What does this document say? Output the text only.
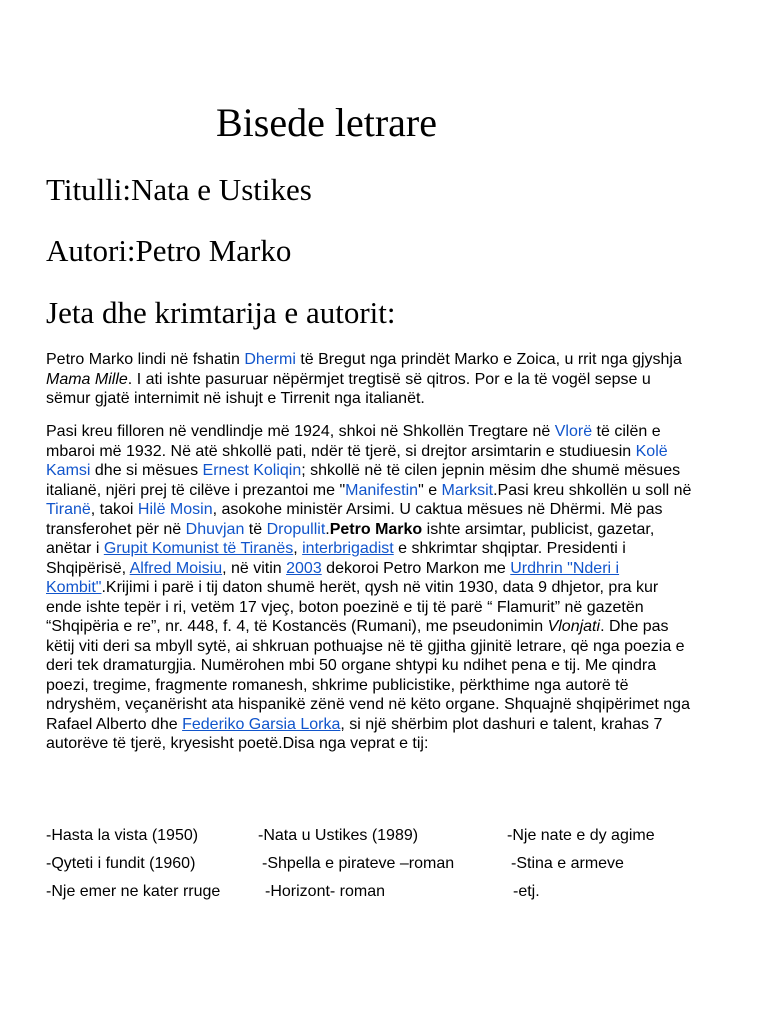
Bisede letrare
Titulli:Nata e Ustikes
Autori:Petro Marko
Jeta dhe krimtarija e autorit:

Petro Marko lindi në fshatin Dhermi të Bregut nga prindët Marko e Zoica, u rrit nga gjyshja Mama Mille. I ati ishte pasuruar nëpërmjet tregtisë së qitros. Por e la të vogël sepse u sëmur gjatë internimit në ishujt e Tirrenit nga italianët.

Pasi kreu filloren në vendlindje më 1924, shkoi në Shkollën Tregtare në Vlorë të cilën e mbaroi më 1932. Në atë shkollë pati, ndër të tjerë, si drejtor arsimtarin e studiuesin Kolë Kamsi dhe si mësues Ernest Koliqin; shkollë në të cilen jepnin mësim dhe shumë mësues italianë, njëri prej të cilëve i prezantoi me "Manifestin" e Marksit.Pasi kreu shkollën u soll në Tiranë, takoi Hilë Mosin, asokohe ministër Arsimi. U caktua mësues në Dhërmi. Më pas transferohet për në Dhuvjan të Dropullit.Petro Marko ishte arsimtar, publicist, gazetar, anëtar i Grupit Komunist të Tiranës, interbrigadist e shkrimtar shqiptar. Presidenti i Shqipërisë, Alfred Moisiu, në vitin 2003 dekoroi Petro Markon me Urdhrin "Nderi i Kombit".Krijimi i parë i tij daton shumë herët, qysh në vitin 1930, data 9 dhjetor, pra kur ende ishte tepër i ri, vetëm 17 vjeç, boton poezinë e tij të parë “ Flamurit” në gazetën “Shqipëria e re”, nr. 448, f. 4, të Kostancës (Rumani), me pseudonimin Vlonjati. Dhe pas këtij viti deri sa mbyll sytë, ai shkruan pothuajse në të gjitha gjinitë letrare, që nga poezia e deri tek dramaturgjia. Numërohen mbi 50 organe shtypi ku ndihet pena e tij. Me qindra poezi, tregime, fragmente romanesh, shkrime publicistike, përkthime nga autorë të ndryshëm, veçanërisht ata hispanikë zënë vend në këto organe. Shquajnë shqipërimet nga Rafael Alberto dhe Federiko Garsia Lorka, si një shërbim plot dashuri e talent, krahas 7 autorëve të tjerë, kryesisht poetë.Disa nga veprat e tij:

-Hasta la vista (1950)	-Nata u Ustikes (1989)	-Nje nate e dy agime
-Qyteti i fundit (1960)	-Shpella e pirateve –roman	-Stina e armeve
-Nje emer ne kater rruge	-Horizont- roman	-etj.
